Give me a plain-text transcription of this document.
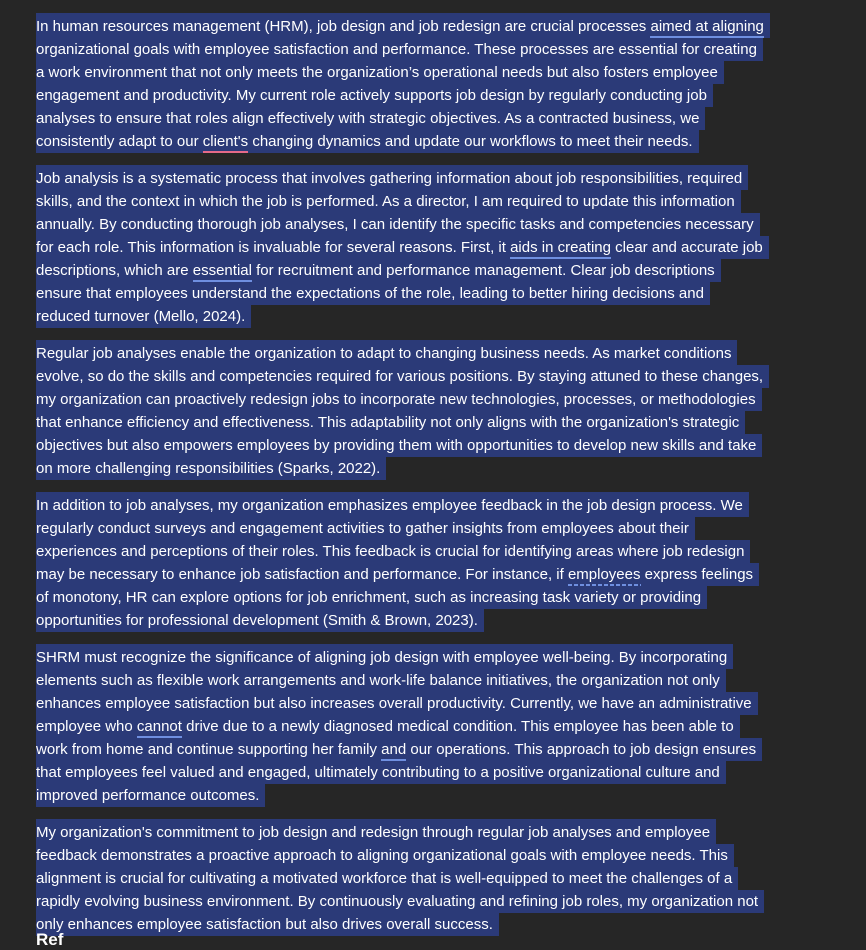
In human resources management (HRM), job design and job redesign are crucial processes aimed at aligning
organizational goals with employee satisfaction and performance. These processes are essential for creating
a work environment that not only meets the organization’s operational needs but also fosters employee
engagement and productivity. My current role actively supports job design by regularly conducting job
analyses to ensure that roles align effectively with strategic objectives. As a contracted business, we
consistently adapt to our client's changing dynamics and update our workflows to meet their needs.

Job analysis is a systematic process that involves gathering information about job responsibilities, required
skills, and the context in which the job is performed. As a director, I am required to update this information
annually. By conducting thorough job analyses, I can identify the specific tasks and competencies necessary
for each role. This information is invaluable for several reasons. First, it aids in creating clear and accurate job
descriptions, which are essential for recruitment and performance management. Clear job descriptions
ensure that employees understand the expectations of the role, leading to better hiring decisions and
reduced turnover (Mello, 2024).

Regular job analyses enable the organization to adapt to changing business needs. As market conditions
evolve, so do the skills and competencies required for various positions. By staying attuned to these changes,
my organization can proactively redesign jobs to incorporate new technologies, processes, or methodologies
that enhance efficiency and effectiveness. This adaptability not only aligns with the organization's strategic
objectives but also empowers employees by providing them with opportunities to develop new skills and take
on more challenging responsibilities (Sparks, 2022).

In addition to job analyses, my organization emphasizes employee feedback in the job design process. We
regularly conduct surveys and engagement activities to gather insights from employees about their
experiences and perceptions of their roles. This feedback is crucial for identifying areas where job redesign
may be necessary to enhance job satisfaction and performance. For instance, if employees express feelings
of monotony, HR can explore options for job enrichment, such as increasing task variety or providing
opportunities for professional development (Smith & Brown, 2023).

SHRM must recognize the significance of aligning job design with employee well-being. By incorporating
elements such as flexible work arrangements and work-life balance initiatives, the organization not only
enhances employee satisfaction but also increases overall productivity. Currently, we have an administrative
employee who cannot drive due to a newly diagnosed medical condition. This employee has been able to
work from home and continue supporting her family and our operations. This approach to job design ensures
that employees feel valued and engaged, ultimately contributing to a positive organizational culture and
improved performance outcomes.

My organization's commitment to job design and redesign through regular job analyses and employee
feedback demonstrates a proactive approach to aligning organizational goals with employee needs. This
alignment is crucial for cultivating a motivated workforce that is well-equipped to meet the challenges of a
rapidly evolving business environment. By continuously evaluating and refining job roles, my organization not
only enhances employee satisfaction but also drives overall success.

Ref
